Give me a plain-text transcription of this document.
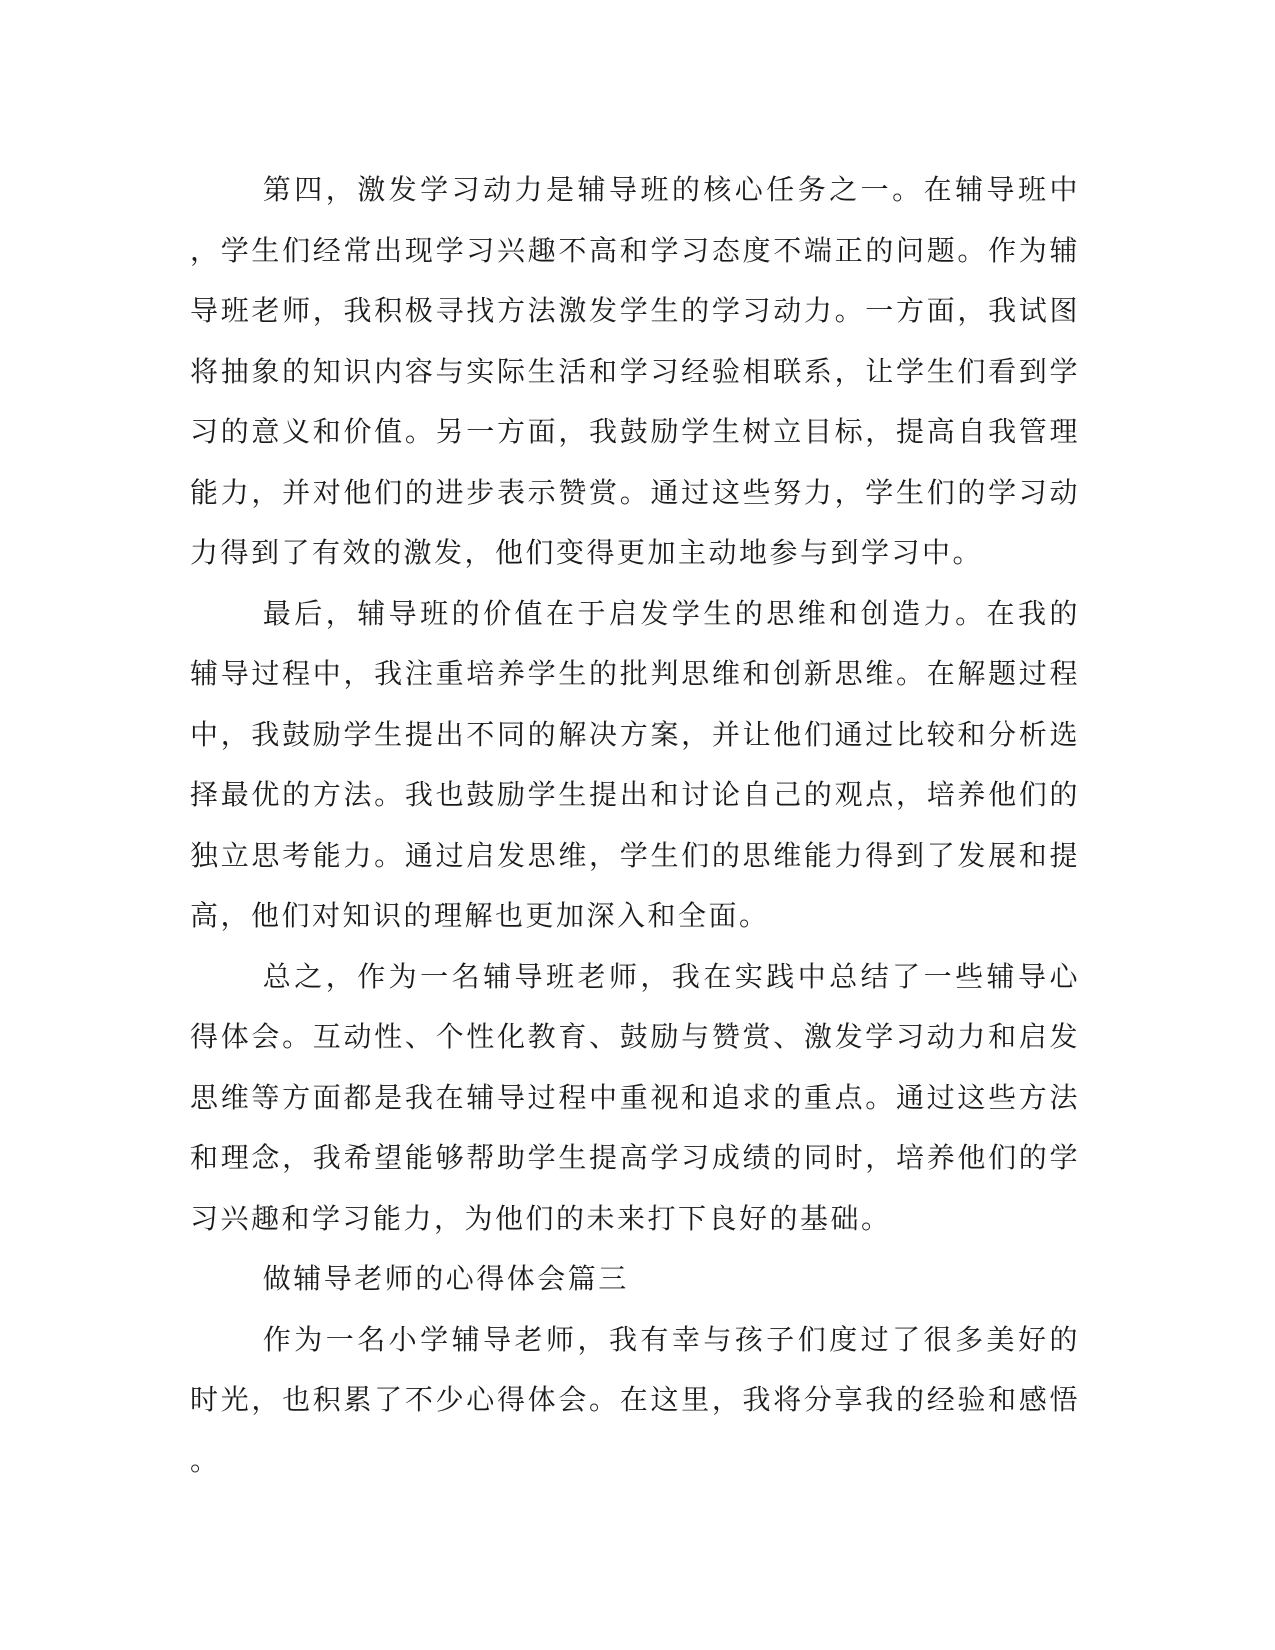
第四，激发学习动力是辅导班的核心任务之一。在辅导班中，学生们经常出现学习兴趣不高和学习态度不端正的问题。作为辅导班老师，我积极寻找方法激发学生的学习动力。一方面，我试图将抽象的知识内容与实际生活和学习经验相联系，让学生们看到学习的意义和价值。另一方面，我鼓励学生树立目标，提高自我管理能力，并对他们的进步表示赞赏。通过这些努力，学生们的学习动力得到了有效的激发，他们变得更加主动地参与到学习中。

最后，辅导班的价值在于启发学生的思维和创造力。在我的辅导过程中，我注重培养学生的批判思维和创新思维。在解题过程中，我鼓励学生提出不同的解决方案，并让他们通过比较和分析选择最优的方法。我也鼓励学生提出和讨论自己的观点，培养他们的独立思考能力。通过启发思维，学生们的思维能力得到了发展和提高，他们对知识的理解也更加深入和全面。

总之，作为一名辅导班老师，我在实践中总结了一些辅导心得体会。互动性、个性化教育、鼓励与赞赏、激发学习动力和启发思维等方面都是我在辅导过程中重视和追求的重点。通过这些方法和理念，我希望能够帮助学生提高学习成绩的同时，培养他们的学习兴趣和学习能力，为他们的未来打下良好的基础。

做辅导老师的心得体会篇三

作为一名小学辅导老师，我有幸与孩子们度过了很多美好的时光，也积累了不少心得体会。在这里，我将分享我的经验和感悟。
